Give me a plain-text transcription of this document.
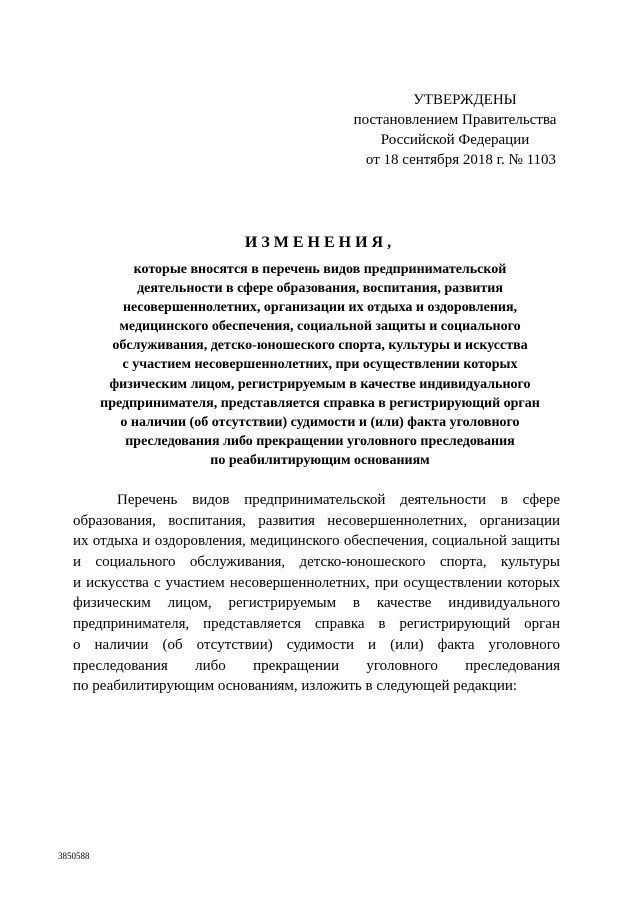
УТВЕРЖДЕНЫ
постановлением Правительства
Российской Федерации
от 18 сентября 2018 г. № 1103
ИЗМЕНЕНИЯ,
которые вносятся в перечень видов предпринимательской
деятельности в сфере образования, воспитания, развития
несовершеннолетних, организации их отдыха и оздоровления,
медицинского обеспечения, социальной защиты и социального
обслуживания, детско-юношеского спорта, культуры и искусства
с участием несовершеннолетних, при осуществлении которых
физическим лицом, регистрируемым в качестве индивидуального
предпринимателя, представляется справка в регистрирующий орган
о наличии (об отсутствии) судимости и (или) факта уголовного
преследования либо прекращении уголовного преследования
по реабилитирующим основаниям
Перечень видов предпринимательской деятельности в сфере
образования, воспитания, развития несовершеннолетних, организации
их отдыха и оздоровления, медицинского обеспечения, социальной защиты
и социального обслуживания, детско-юношеского спорта, культуры
и искусства с участием несовершеннолетних, при осуществлении которых
физическим лицом, регистрируемым в качестве индивидуального
предпринимателя, представляется справка в регистрирующий орган
о наличии (об отсутствии) судимости и (или) факта уголовного
преследования либо прекращении уголовного преследования
по реабилитирующим основаниям, изложить в следующей редакции:
3850588
